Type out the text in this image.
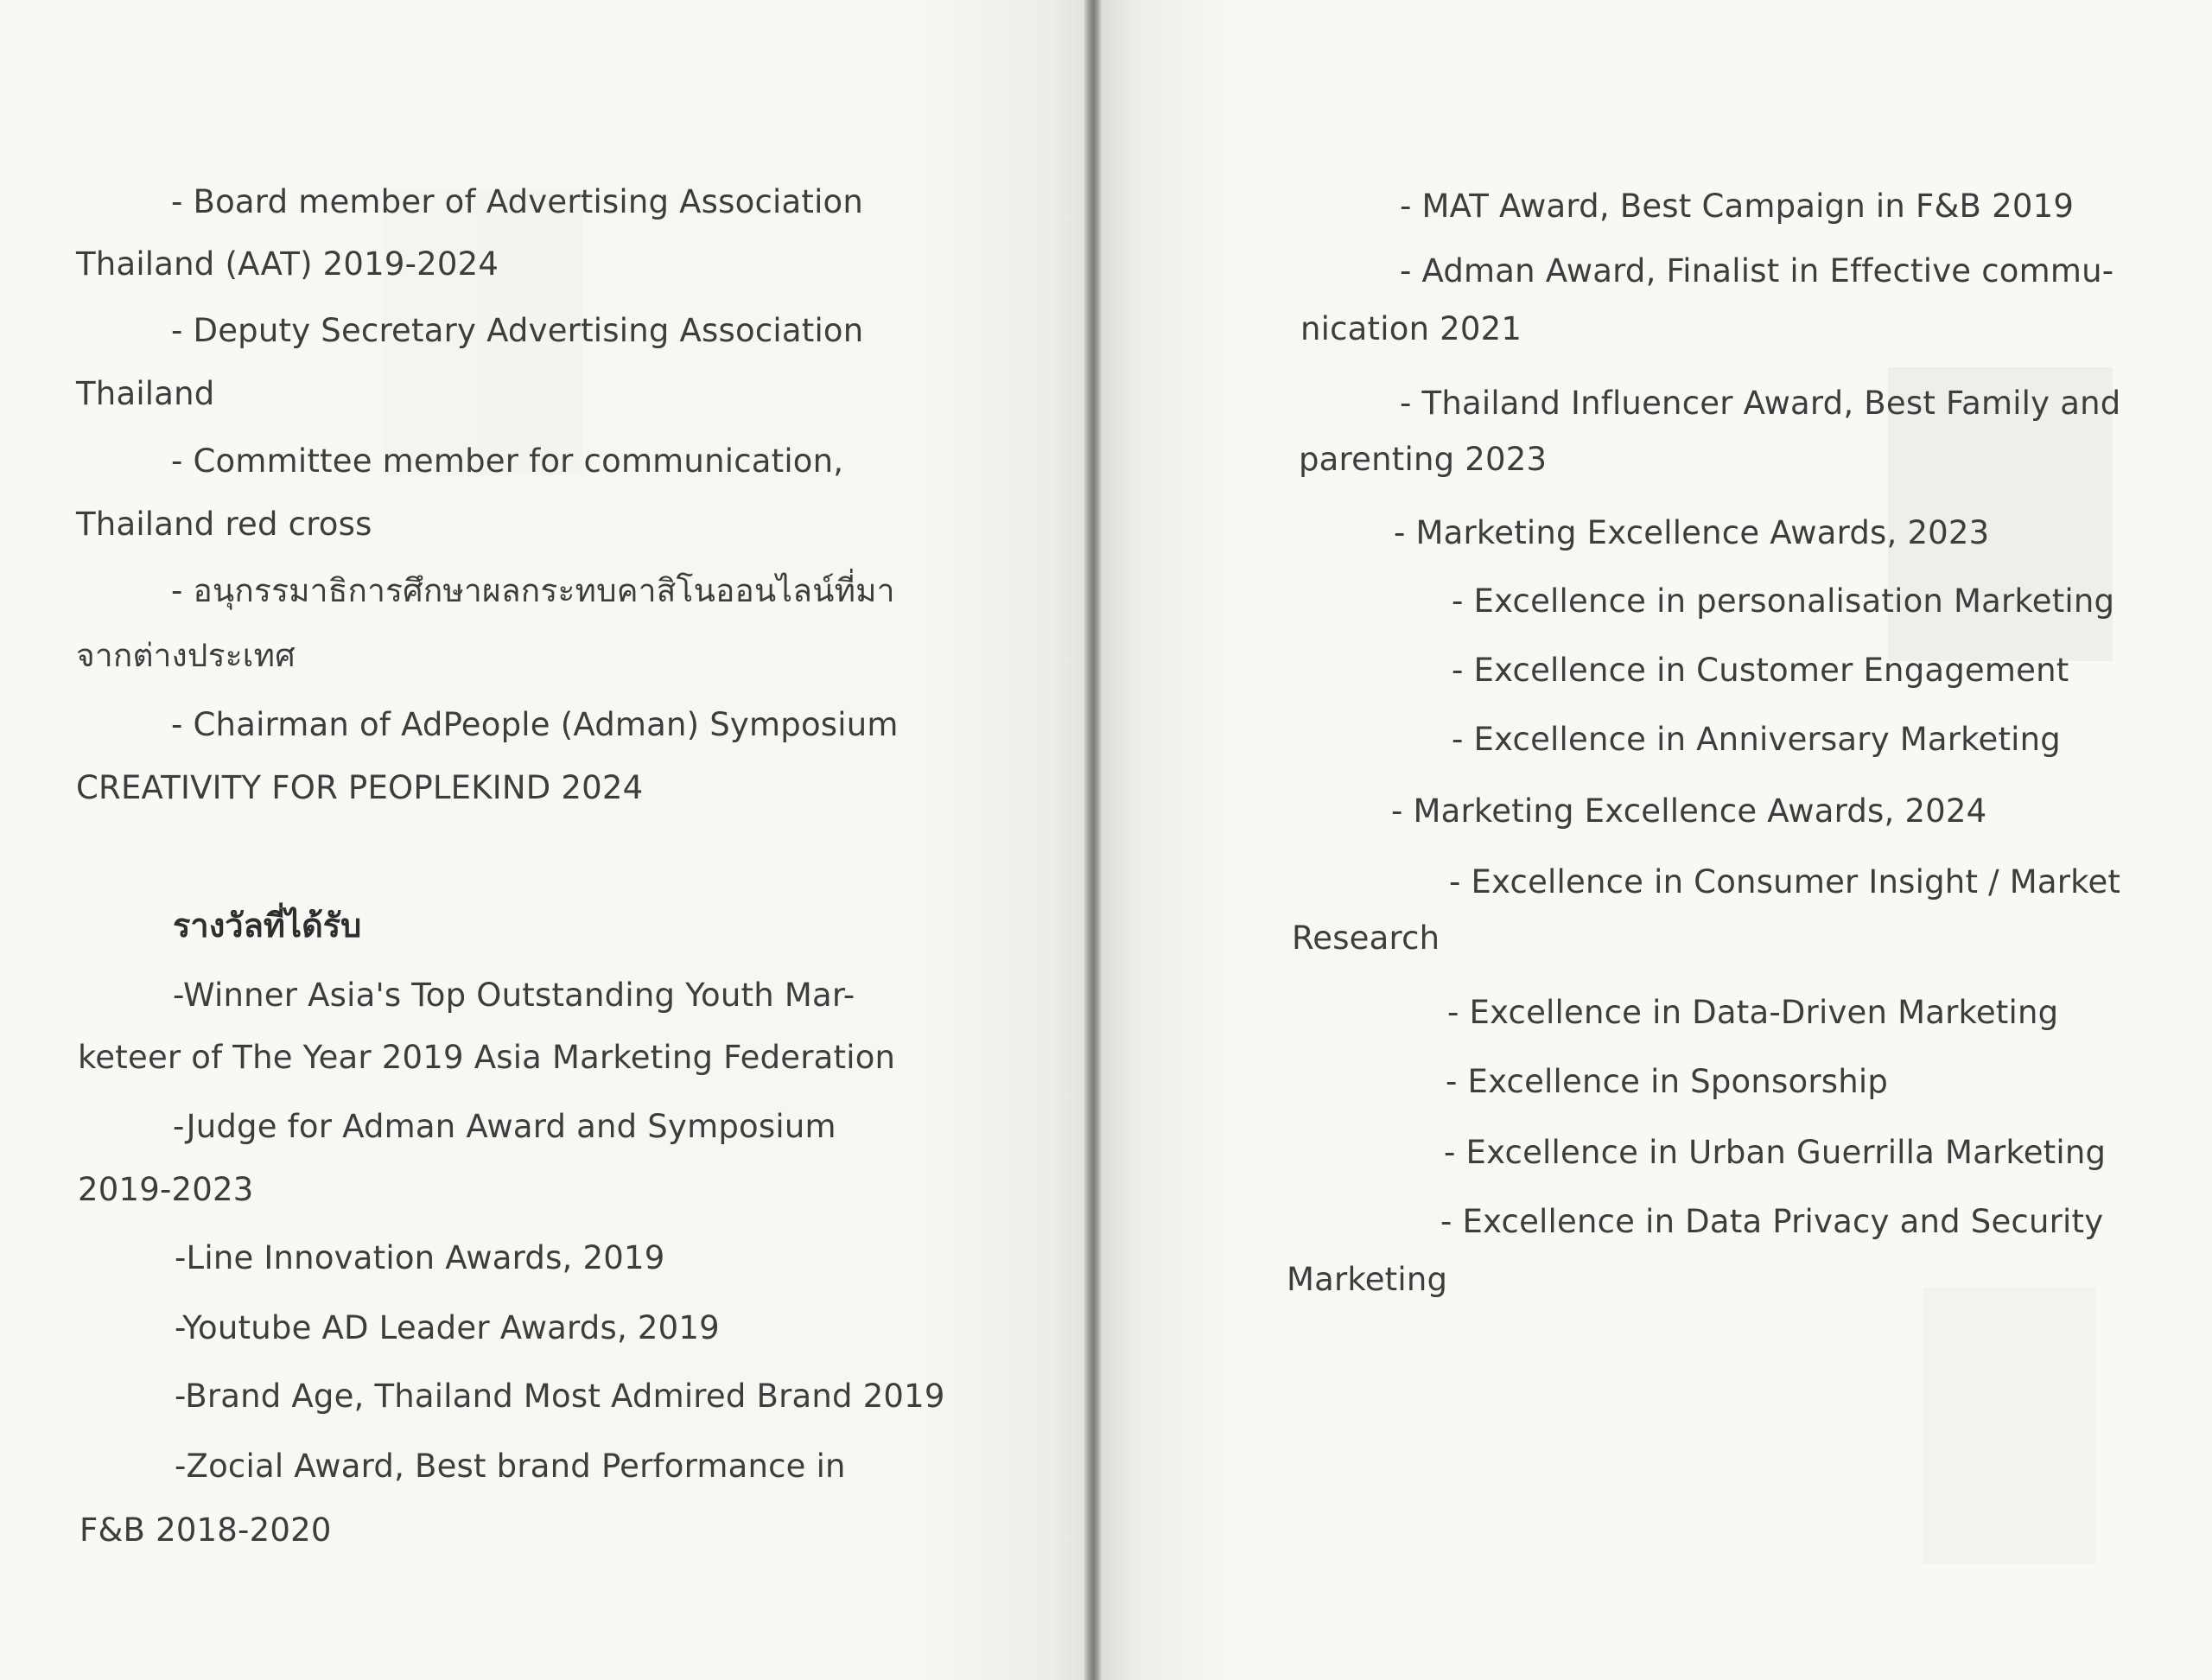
- Board member of Advertising Association

Thailand (AAT) 2019-2024

- Deputy Secretary Advertising Association

Thailand

- Committee member for communication,

Thailand red cross

- อนุกรรมาธิการศึกษาผลกระทบคาสิโนออนไลน์ที่มา

จากต่างประเทศ

- Chairman of AdPeople (Adman) Symposium

CREATIVITY FOR PEOPLEKIND 2024

รางวัลที่ได้รับ

-Winner Asia's Top Outstanding Youth Mar-

keteer of The Year 2019 Asia Marketing Federation

-Judge for Adman Award and Symposium

2019-2023

-Line Innovation Awards, 2019

-Youtube AD Leader Awards, 2019

-Brand Age, Thailand Most Admired Brand 2019

-Zocial Award, Best brand Performance in

F&B 2018-2020

- MAT Award, Best Campaign in F&B 2019

- Adman Award, Finalist in Effective commu-

nication 2021

- Thailand Influencer Award, Best Family and

parenting 2023

- Marketing Excellence Awards, 2023

- Excellence in personalisation Marketing

- Excellence in Customer Engagement

- Excellence in Anniversary Marketing

- Marketing Excellence Awards, 2024

- Excellence in Consumer Insight / Market

Research

- Excellence in Data-Driven Marketing

- Excellence in Sponsorship

- Excellence in Urban Guerrilla Marketing

- Excellence in Data Privacy and Security

Marketing
